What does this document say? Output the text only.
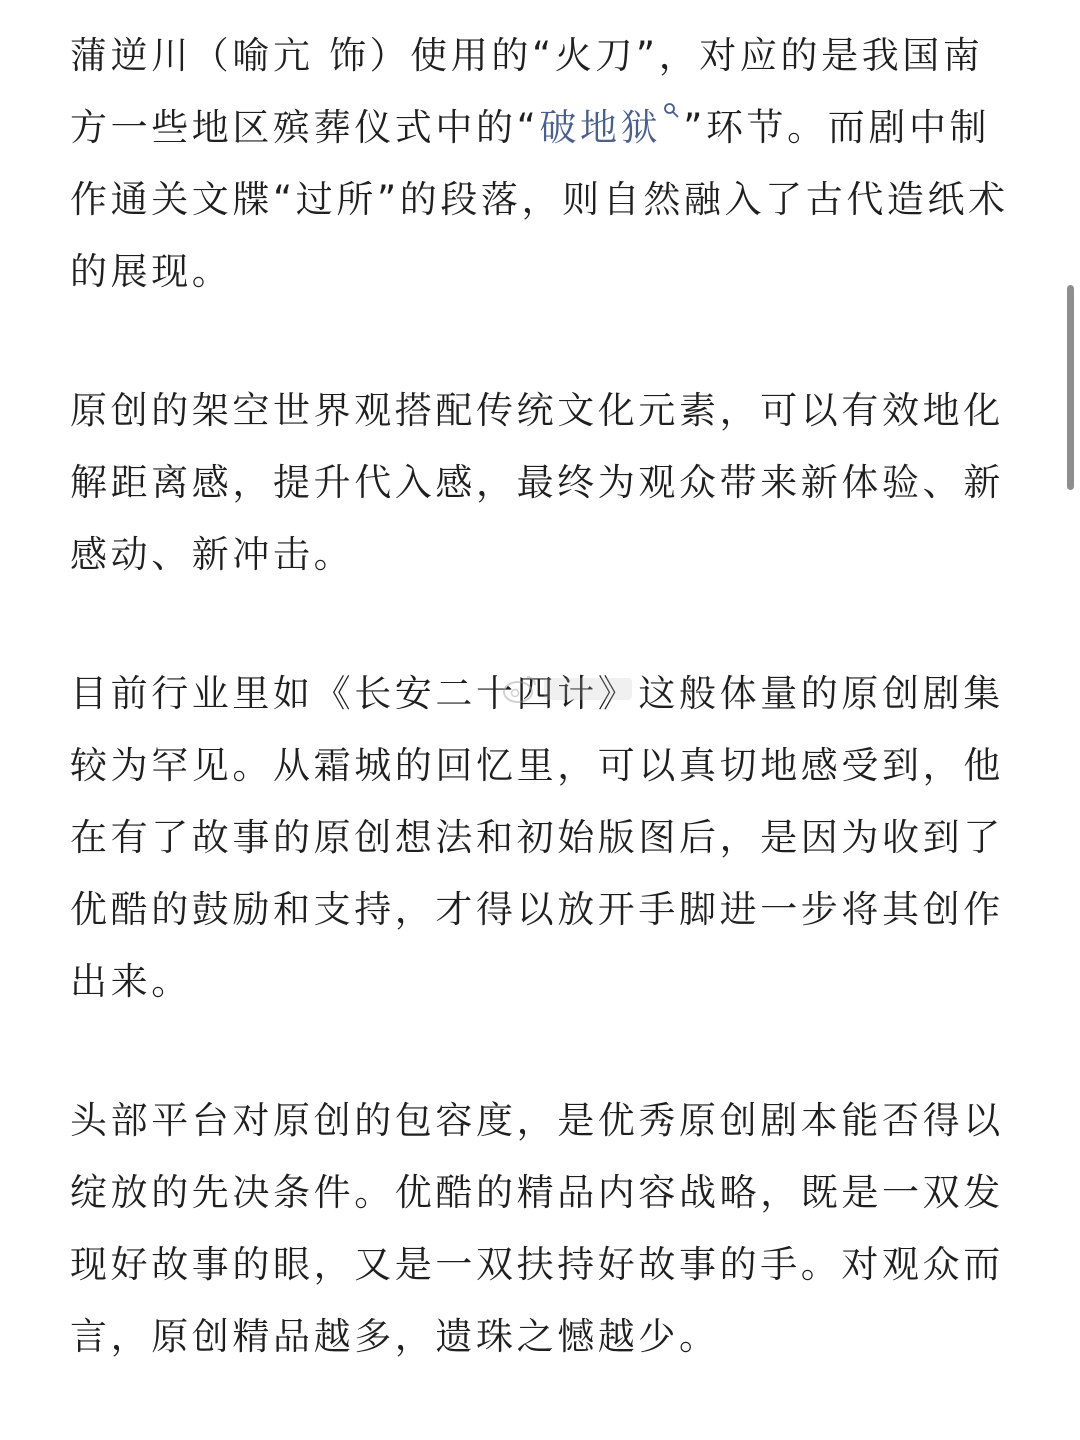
蒲逆川（喻亢 饰）使用的“火刀”，对应的是我国南方一些地区殡葬仪式中的“破地狱 ”环节。而剧中制作通关文牒“过所”的段落，则自然融入了古代造纸术的展现。

原创的架空世界观搭配传统文化元素，可以有效地化解距离感，提升代入感，最终为观众带来新体验、新感动、新冲击。

目前行业里如《长安二十四计》这般体量的原创剧集较为罕见。从霜城的回忆里，可以真切地感受到，他在有了故事的原创想法和初始版图后，是因为收到了优酷的鼓励和支持，才得以放开手脚进一步将其创作出来。

头部平台对原创的包容度，是优秀原创剧本能否得以绽放的先决条件。优酷的精品内容战略，既是一双发现好故事的眼，又是一双扶持好故事的手。对观众而言，原创精品越多，遗珠之憾越少。
